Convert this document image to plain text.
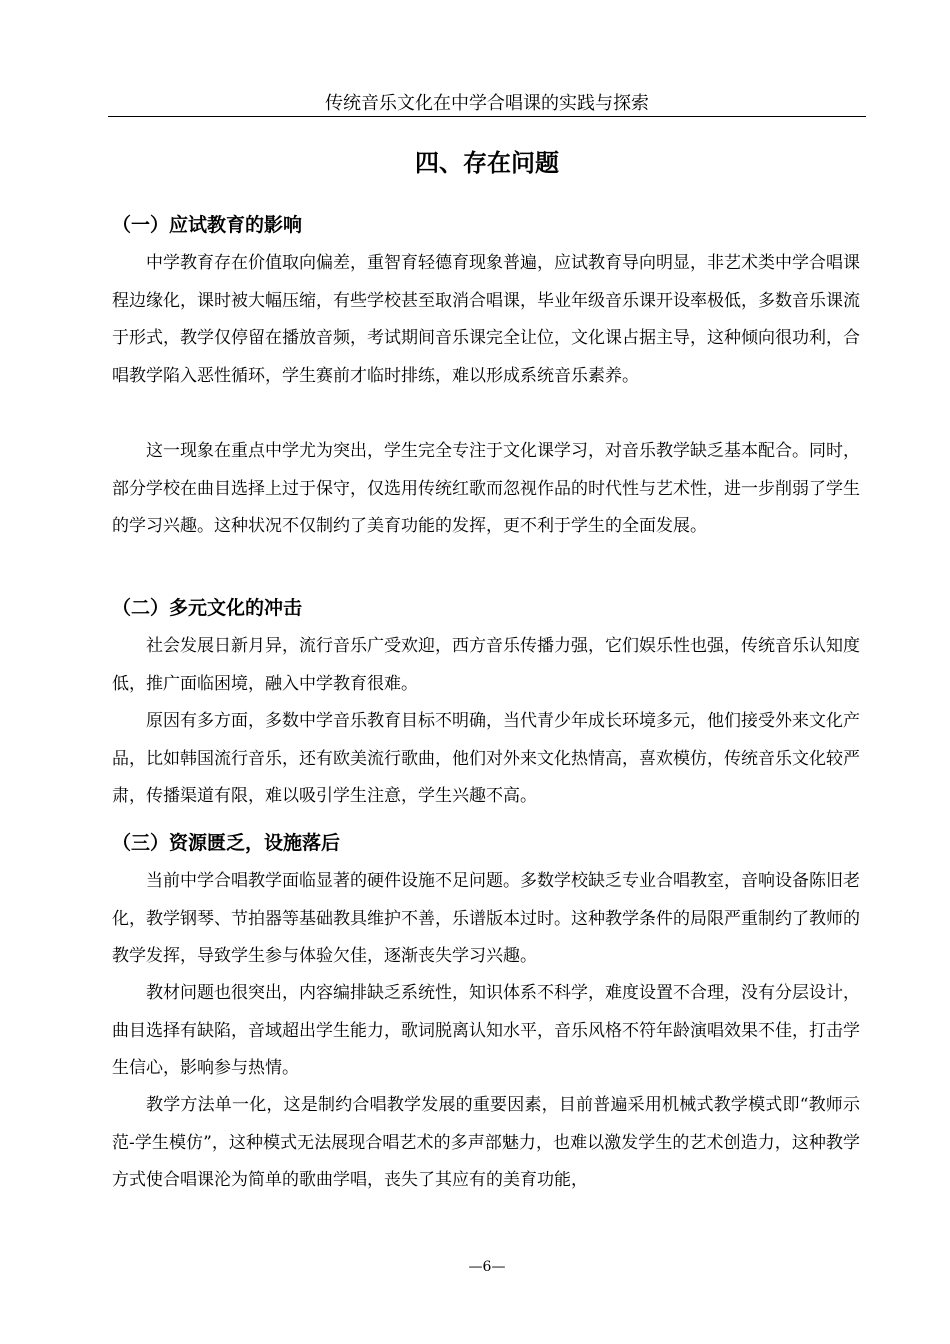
传统音乐文化在中学合唱课的实践与探索
四、存在问题
（一）应试教育的影响

中学教育存在价值取向偏差，重智育轻德育现象普遍，应试教育导向明显，非艺术类中学合唱课程边缘化，课时被大幅压缩，有些学校甚至取消合唱课，毕业年级音乐课开设率极低，多数音乐课流于形式，教学仅停留在播放音频，考试期间音乐课完全让位，文化课占据主导，这种倾向很功利，合唱教学陷入恶性循环，学生赛前才临时排练，难以形成系统音乐素养。

这一现象在重点中学尤为突出，学生完全专注于文化课学习，对音乐教学缺乏基本配合。同时，部分学校在曲目选择上过于保守，仅选用传统红歌而忽视作品的时代性与艺术性，进一步削弱了学生的学习兴趣。这种状况不仅制约了美育功能的发挥，更不利于学生的全面发展。

（二）多元文化的冲击

社会发展日新月异，流行音乐广受欢迎，西方音乐传播力强，它们娱乐性也强，传统音乐认知度低，推广面临困境，融入中学教育很难。

原因有多方面，多数中学音乐教育目标不明确，当代青少年成长环境多元，他们接受外来文化产品，比如韩国流行音乐，还有欧美流行歌曲，他们对外来文化热情高，喜欢模仿，传统音乐文化较严肃，传播渠道有限，难以吸引学生注意，学生兴趣不高。

（三）资源匮乏，设施落后

当前中学合唱教学面临显著的硬件设施不足问题。多数学校缺乏专业合唱教室，音响设备陈旧老化，教学钢琴、节拍器等基础教具维护不善，乐谱版本过时。这种教学条件的局限严重制约了教师的教学发挥，导致学生参与体验欠佳，逐渐丧失学习兴趣。

教材问题也很突出，内容编排缺乏系统性，知识体系不科学，难度设置不合理，没有分层设计，曲目选择有缺陷，音域超出学生能力，歌词脱离认知水平，音乐风格不符年龄演唱效果不佳，打击学生信心，影响参与热情。

教学方法单一化，这是制约合唱教学发展的重要因素，目前普遍采用机械式教学模式即“教师示范-学生模仿”，这种模式无法展现合唱艺术的多声部魅力，也难以激发学生的艺术创造力，这种教学方式使合唱课沦为简单的歌曲学唱，丧失了其应有的美育功能，

—6—
